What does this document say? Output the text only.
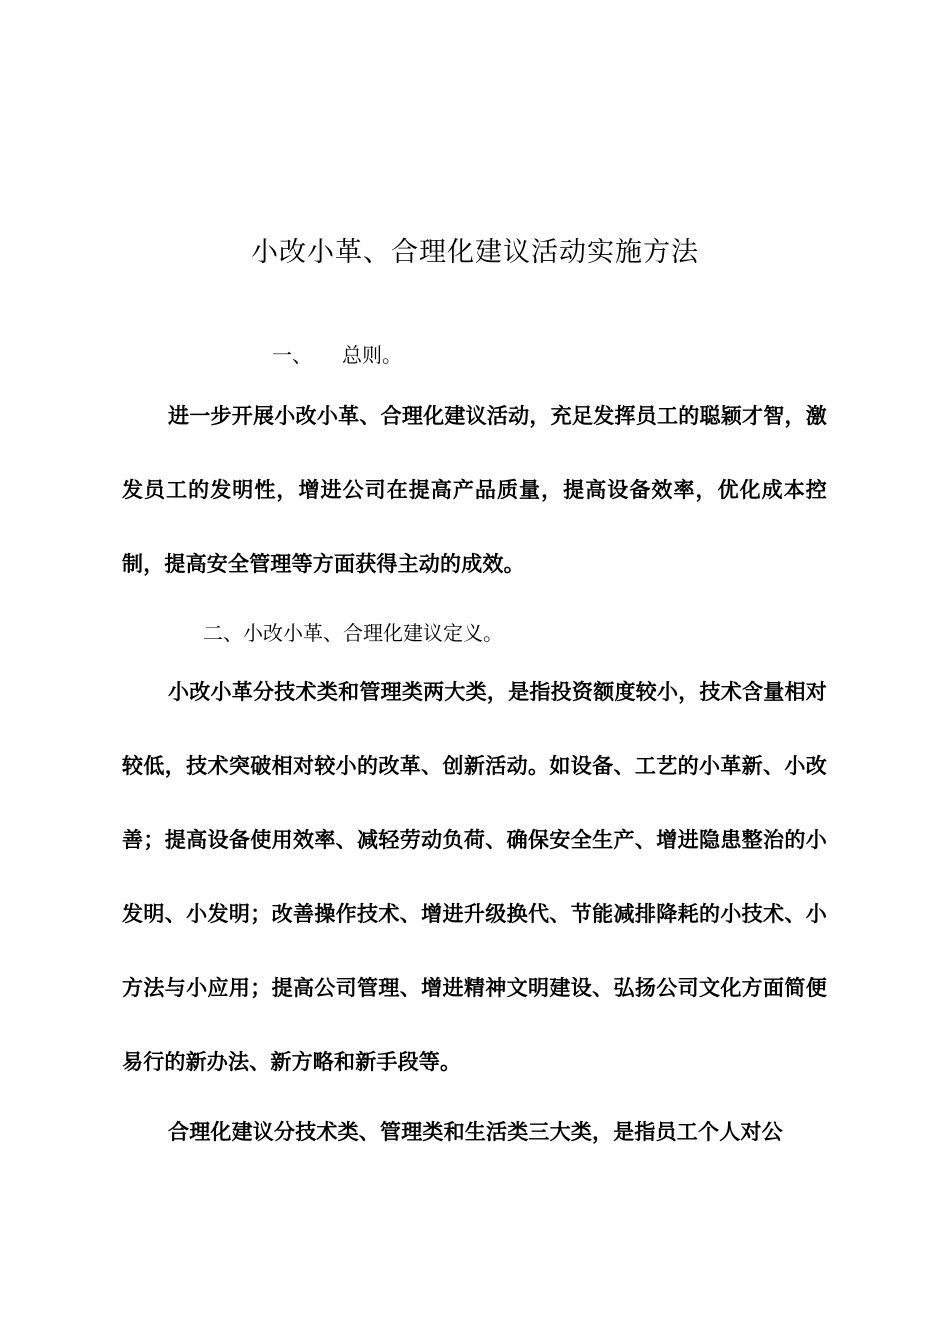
小改小革、合理化建议活动实施方法

一、 总则。

进一步开展小改小革、合理化建议活动，充足发挥员工的聪颖才智，激发员工的发明性，增进公司在提高产品质量，提高设备效率，优化成本控制，提高安全管理等方面获得主动的成效。

二、小改小革、合理化建议定义。

小改小革分技术类和管理类两大类，是指投资额度较小，技术含量相对较低，技术突破相对较小的改革、创新活动。如设备、工艺的小革新、小改善；提高设备使用效率、减轻劳动负荷、确保安全生产、增进隐患整治的小发明、小发明；改善操作技术、增进升级换代、节能减排降耗的小技术、小方法与小应用；提高公司管理、增进精神文明建设、弘扬公司文化方面简便易行的新办法、新方略和新手段等。

合理化建议分技术类、管理类和生活类三大类，是指员工个人对公
